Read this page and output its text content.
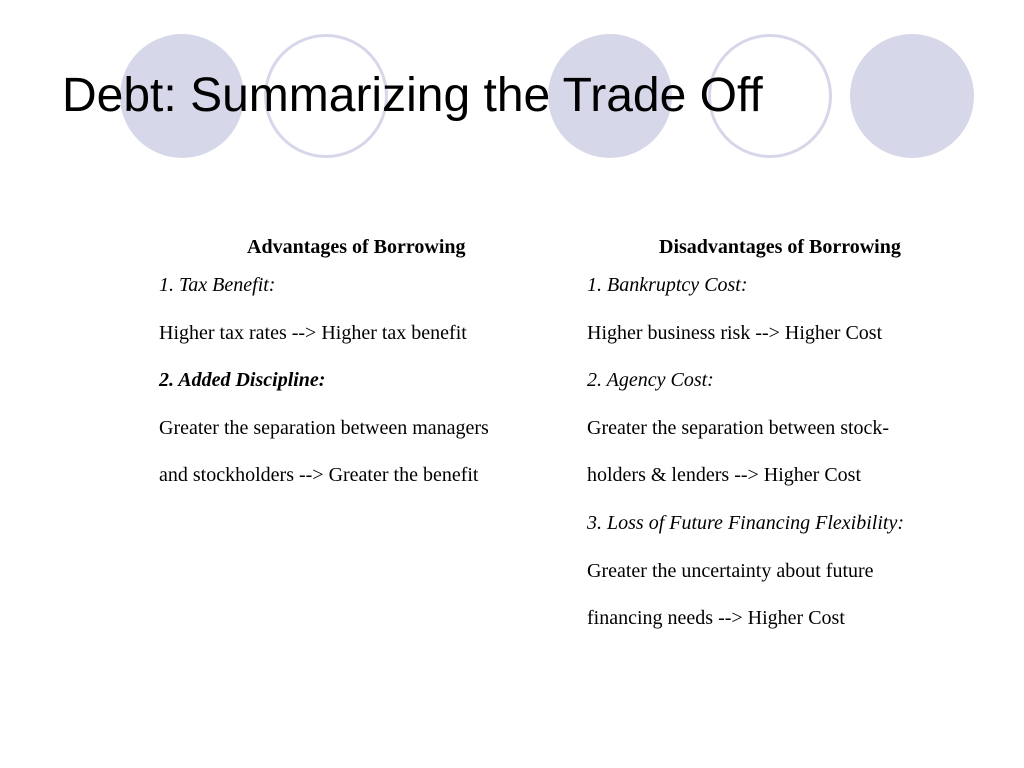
Debt: Summarizing the Trade Off
Advantages of Borrowing
1. Tax Benefit:
Higher tax rates --> Higher tax benefit
2. Added Discipline:
Greater the separation between managers
and stockholders --> Greater the benefit
Disadvantages of Borrowing
1. Bankruptcy Cost:
Higher business risk --> Higher Cost
2. Agency Cost:
Greater the separation between stock-
holders & lenders --> Higher Cost
3. Loss of Future Financing Flexibility:
Greater the uncertainty about future
financing needs --> Higher Cost
